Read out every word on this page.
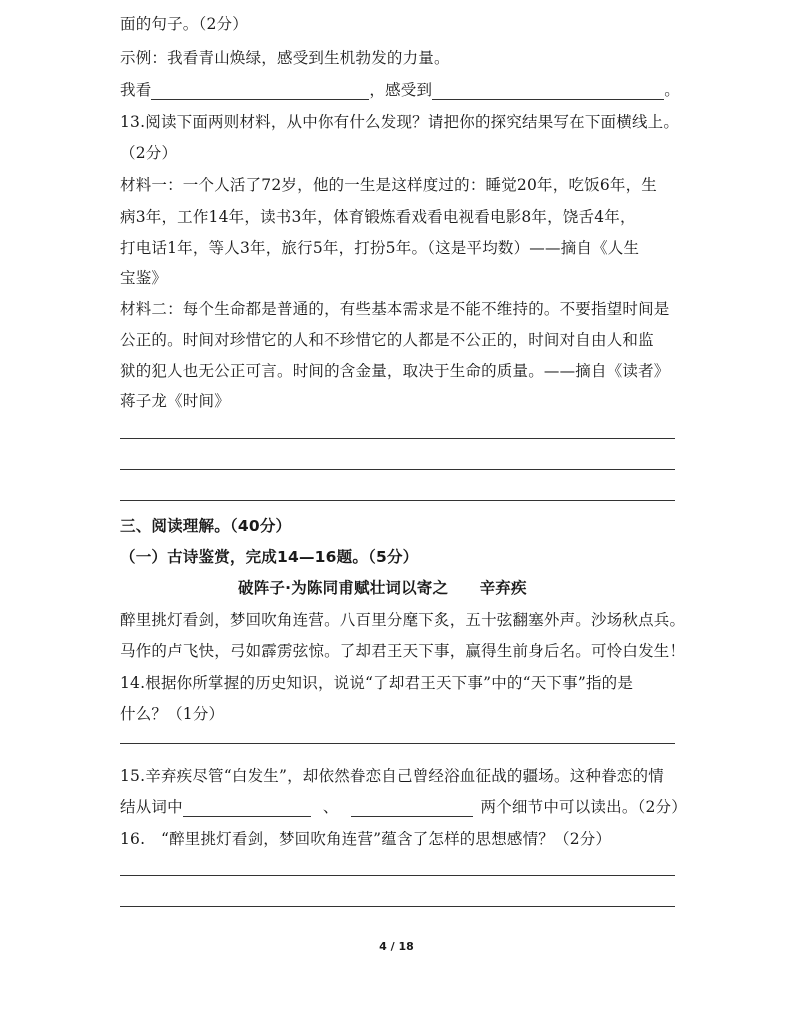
面的句子。（2分）
示例：我看青山焕绿，感受到生机勃发的力量。
我看	，感受到	。
13.阅读下面两则材料，从中你有什么发现？请把你的探究结果写在下面横线上。
（2分）
材料一：一个人活了72岁，他的一生是这样度过的：睡觉20年，吃饭6年，生
病3年，工作14年，读书3年，体育锻炼看戏看电视看电影8年，饶舌4年，
打电话1年，等人3年，旅行5年，打扮5年。（这是平均数）——摘自《人生
宝鉴》
材料二：每个生命都是普通的，有些基本需求是不能不维持的。不要指望时间是
公正的。时间对珍惜它的人和不珍惜它的人都是不公正的，时间对自由人和监
狱的犯人也无公正可言。时间的含金量，取决于生命的质量。——摘自《读者》
蒋子龙《时间》
三、阅读理解。（40分）
（一）古诗鉴赏，完成14—16题。（5分）
破阵子·为陈同甫赋壮词以寄之　　辛弃疾
醉里挑灯看剑，梦回吹角连营。八百里分麾下炙，五十弦翻塞外声。沙场秋点兵。
马作的卢飞快，弓如霹雳弦惊。了却君王天下事，赢得生前身后名。可怜白发生！
14.根据你所掌握的历史知识，说说“了却君王天下事”中的“天下事”指的是
什么？（1分）
15.辛弃疾尽管“白发生”，却依然眷恋自己曾经浴血征战的疆场。这种眷恋的情
结从词中	、	两个细节中可以读出。（2分）
16.　“醉里挑灯看剑，梦回吹角连营”蕴含了怎样的思想感情？（2分）
4 / 18
